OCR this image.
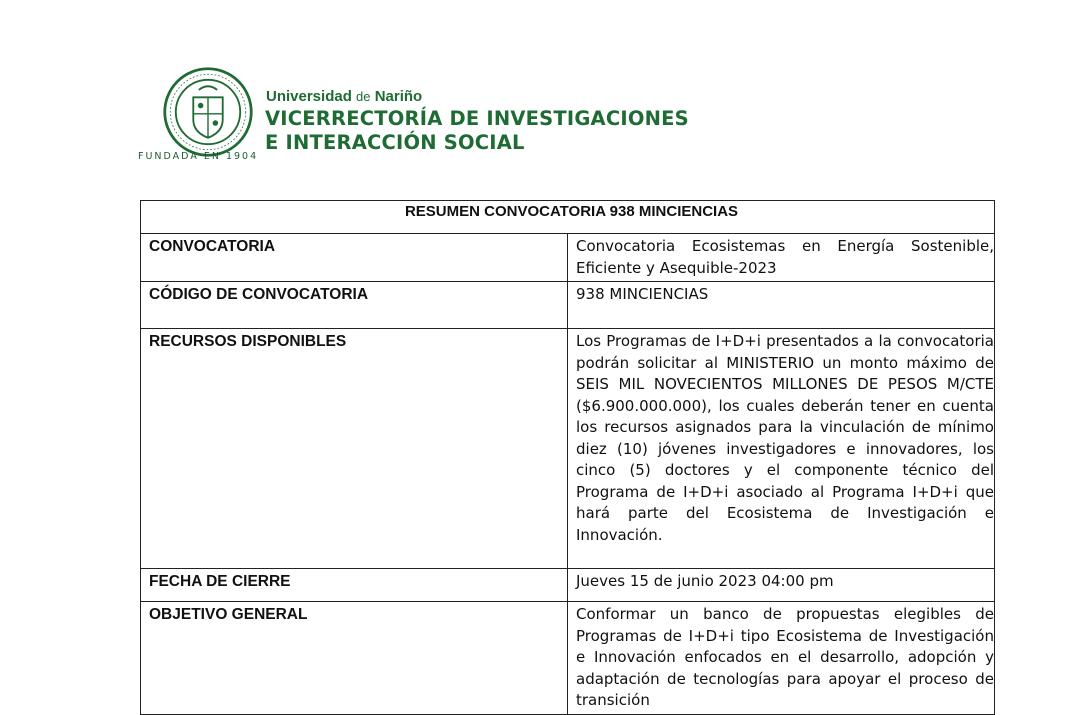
FUNDADA EN 1904
Universidad de Nariño
VICERRECTORÍA DE INVESTIGACIONES
E INTERACCIÓN SOCIAL
RESUMEN CONVOCATORIA 938 MINCIENCIAS	
CONVOCATORIA	Convocatoria Ecosistemas en Energía Sostenible, Eficiente y Asequible-2023
CÓDIGO DE CONVOCATORIA	938 MINCIENCIAS
RECURSOS DISPONIBLES	Los Programas de I+D+i presentados a la convocatoria podrán solicitar al MINISTERIO un monto máximo de SEIS MIL NOVECIENTOS MILLONES DE PESOS M/CTE ($6.900.000.000), los cuales deberán tener en cuenta los recursos asignados para la vinculación de mínimo diez (10) jóvenes investigadores e innovadores, los cinco (5) doctores y el componente técnico del Programa de I+D+i asociado al Programa I+D+i que hará parte del Ecosistema de Investigación e Innovación.
FECHA DE CIERRE	Jueves 15 de junio 2023 04:00 pm
OBJETIVO GENERAL	Conformar un banco de propuestas elegibles de Programas de I+D+i tipo Ecosistema de Investigación e Innovación enfocados en el desarrollo, adopción y adaptación de tecnologías para apoyar el proceso de transición
